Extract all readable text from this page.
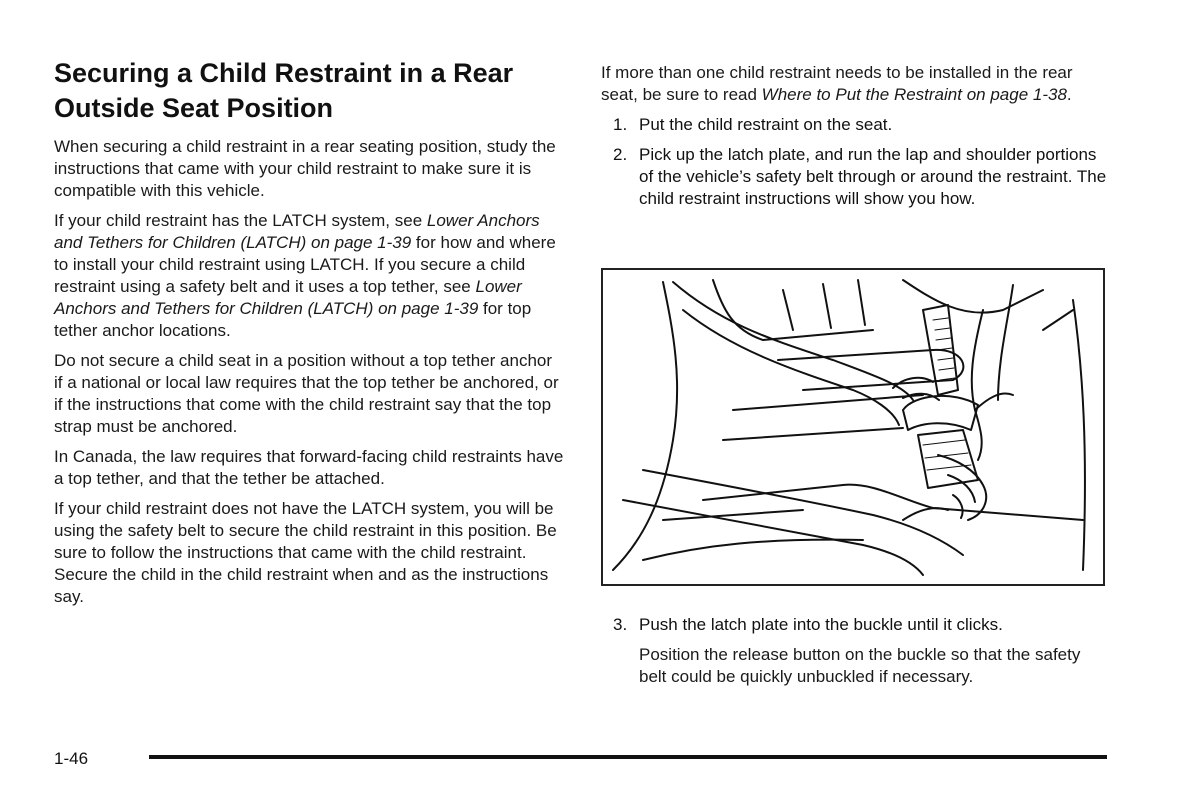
Securing a Child Restraint in a Rear Outside Seat Position

When securing a child restraint in a rear seating position, study the instructions that came with your child restraint to make sure it is compatible with this vehicle.

If your child restraint has the LATCH system, see Lower Anchors and Tethers for Children (LATCH) on page 1-39 for how and where to install your child restraint using LATCH. If you secure a child restraint using a safety belt and it uses a top tether, see Lower Anchors and Tethers for Children (LATCH) on page 1-39 for top tether anchor locations.

Do not secure a child seat in a position without a top tether anchor if a national or local law requires that the top tether be anchored, or if the instructions that come with the child restraint say that the top strap must be anchored.

In Canada, the law requires that forward-facing child restraints have a top tether, and that the tether be attached.

If your child restraint does not have the LATCH system, you will be using the safety belt to secure the child restraint in this position. Be sure to follow the instructions that came with the child restraint.

Secure the child in the child restraint when and as the instructions say.

If more than one child restraint needs to be installed in the rear seat, be sure to read Where to Put the Restraint on page 1-38.

1. Put the child restraint on the seat.
2. Pick up the latch plate, and run the lap and shoulder portions of the vehicle’s safety belt through or around the restraint. The child restraint instructions will show you how.
3. Push the latch plate into the buckle until it clicks.

Position the release button on the buckle so that the safety belt could be quickly unbuckled if necessary.

1-46
